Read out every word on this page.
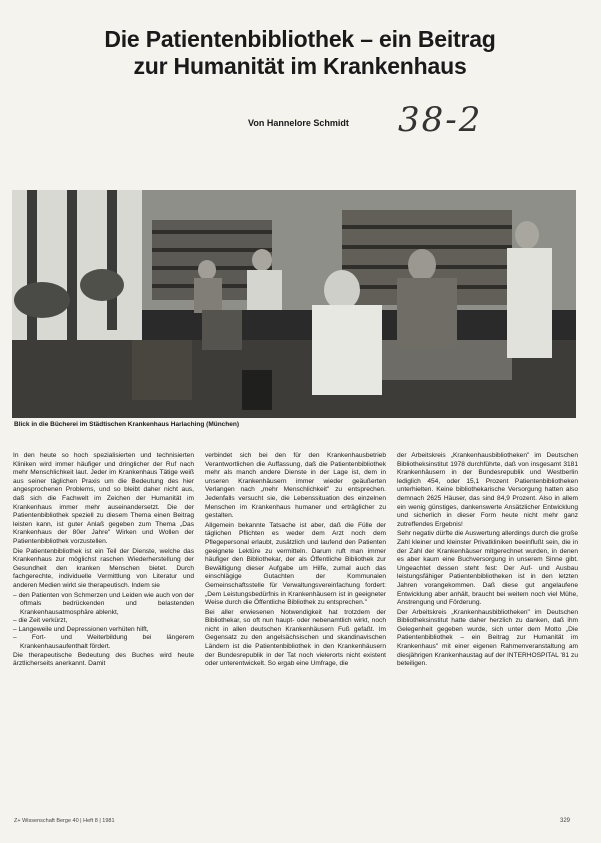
Die Patientenbibliothek – ein Beitrag
zur Humanität im Krankenhaus
Von Hannelore Schmidt 38-2
Blick in die Bücherei im Städtischen Krankenhaus Harlaching (München)

In den heute so hoch spezialisierten und technisierten Kliniken wird immer häufiger und dringlicher der Ruf nach mehr Menschlichkeit laut. Jeder im Krankenhaus Tätige weiß aus seiner täglichen Praxis um die Bedeutung des hier angesprochenen Problems, und so bleibt daher nicht aus, daß sich die Fachwelt im Zeichen der Humanität im Krankenhaus immer mehr auseinandersetzt. Die der Patientenbibliothek speziell zu diesem Thema einen Beitrag leisten kann, ist guter Anlaß gegeben zum Thema „Das Krankenhaus der 80er Jahre" Wirken und Wollen der Patientenbibliothek vorzustellen.

Die Patientenbibliothek ist ein Teil der Dienste, welche das Krankenhaus zur möglichst raschen Wiederherstellung der Gesundheit den kranken Menschen bietet. Durch fachgerechte, individuelle Vermittlung von Literatur und anderen Medien wirkt sie therapeutisch. Indem sie

– den Patienten von Schmerzen und Leiden wie auch von der oftmals bedrückenden und belastenden Krankenhausatmosphäre ablenkt,
– die Zeit verkürzt,
– Langeweile und Depressionen verhüten hilft,
– Fort- und Weiterbildung bei längerem Krankenhausaufenthalt fördert.

Die therapeutische Bedeutung des Buches wird heute ärztlicherseits anerkannt. Damit

verbindet sich bei den für den Krankenhausbetrieb Verantwortlichen die Auffassung, daß die Patientenbibliothek mehr als manch andere Dienste in der Lage ist, dem in unseren Krankenhäusern immer wieder geäußerten Verlangen nach „mehr Menschlichkeit" zu entsprechen. Jedenfalls versucht sie, die Lebenssituation des einzelnen Menschen im Krankenhaus humaner und erträglicher zu gestalten.

Allgemein bekannte Tatsache ist aber, daß die Fülle der täglichen Pflichten es weder dem Arzt noch dem Pflegepersonal erlaubt, zusätzlich und laufend den Patienten geeignete Lektüre zu vermitteln. Darum ruft man immer häufiger den Bibliothekar, der als Öffentliche Bibliothek zur Bewältigung dieser Aufgabe um Hilfe, zumal auch das einschlägige Gutachten der Kommunalen Gemeinschaftsstelle für Verwaltungsvereinfachung fordert: „Dem Leistungsbedürfnis in Krankenhäusern ist in geeigneter Weise durch die Öffentliche Bibliothek zu entsprechen."

Bei aller erwiesenen Notwendigkeit hat trotzdem der Bibliothekar, so oft nun haupt- oder nebenamtlich wirkt, noch nicht in allen deutschen Krankenhäusern Fuß gefaßt. Im Gegensatz zu den angelsächsischen und skandinavischen Ländern ist die Patientenbibliothek in den Krankenhäusern der Bundesrepublik in der Tat noch vielerorts nicht existent oder unterentwickelt. So ergab eine Umfrage, die

der Arbeitskreis „Krankenhausbibliotheken" im Deutschen Bibliotheksinstitut 1978 durchführte, daß von insgesamt 3181 Krankenhäusern in der Bundesrepublik und Westberlin lediglich 454, oder 15,1 Prozent Patientenbibliotheken unterhielten. Keine bibliothekarische Versorgung hatten also demnach 2625 Häuser, das sind 84,9 Prozent. Also in allem ein wenig günstiges, dankenswerte Ansätzlicher Entwicklung und sicherlich in dieser Form heute nicht mehr ganz zutreffendes Ergebnis!

Sehr negativ dürfte die Auswertung allerdings durch die große Zahl kleiner und kleinster Privatkliniken beeinflußt sein, die in der Zahl der Krankenhäuser mitgerechnet wurden, in denen es aber kaum eine Buchversorgung in unserem Sinne gibt. Ungeachtet dessen steht fest: Der Auf- und Ausbau leistungsfähiger Patientenbibliotheken ist in den letzten Jahren vorangekommen. Daß diese gut angelaufene Entwicklung aber anhält, braucht bei weitem noch viel Mühe, Anstrengung und Förderung.

Der Arbeitskreis „Krankenhausbibliotheken" im Deutschen Bibliotheksinstitut hatte daher herzlich zu danken, daß ihm Gelegenheit gegeben wurde, sich unter dem Motto „Die Patientenbibliothek – ein Beitrag zur Humanität im Krankenhaus" mit einer eigenen Rahmenveranstaltung am diesjährigen Krankenhaustag auf der INTERHOSPITAL '81 zu beteiligen.

Z+ Wissenschaft Berge 40 | Heft 8 | 1981	329
